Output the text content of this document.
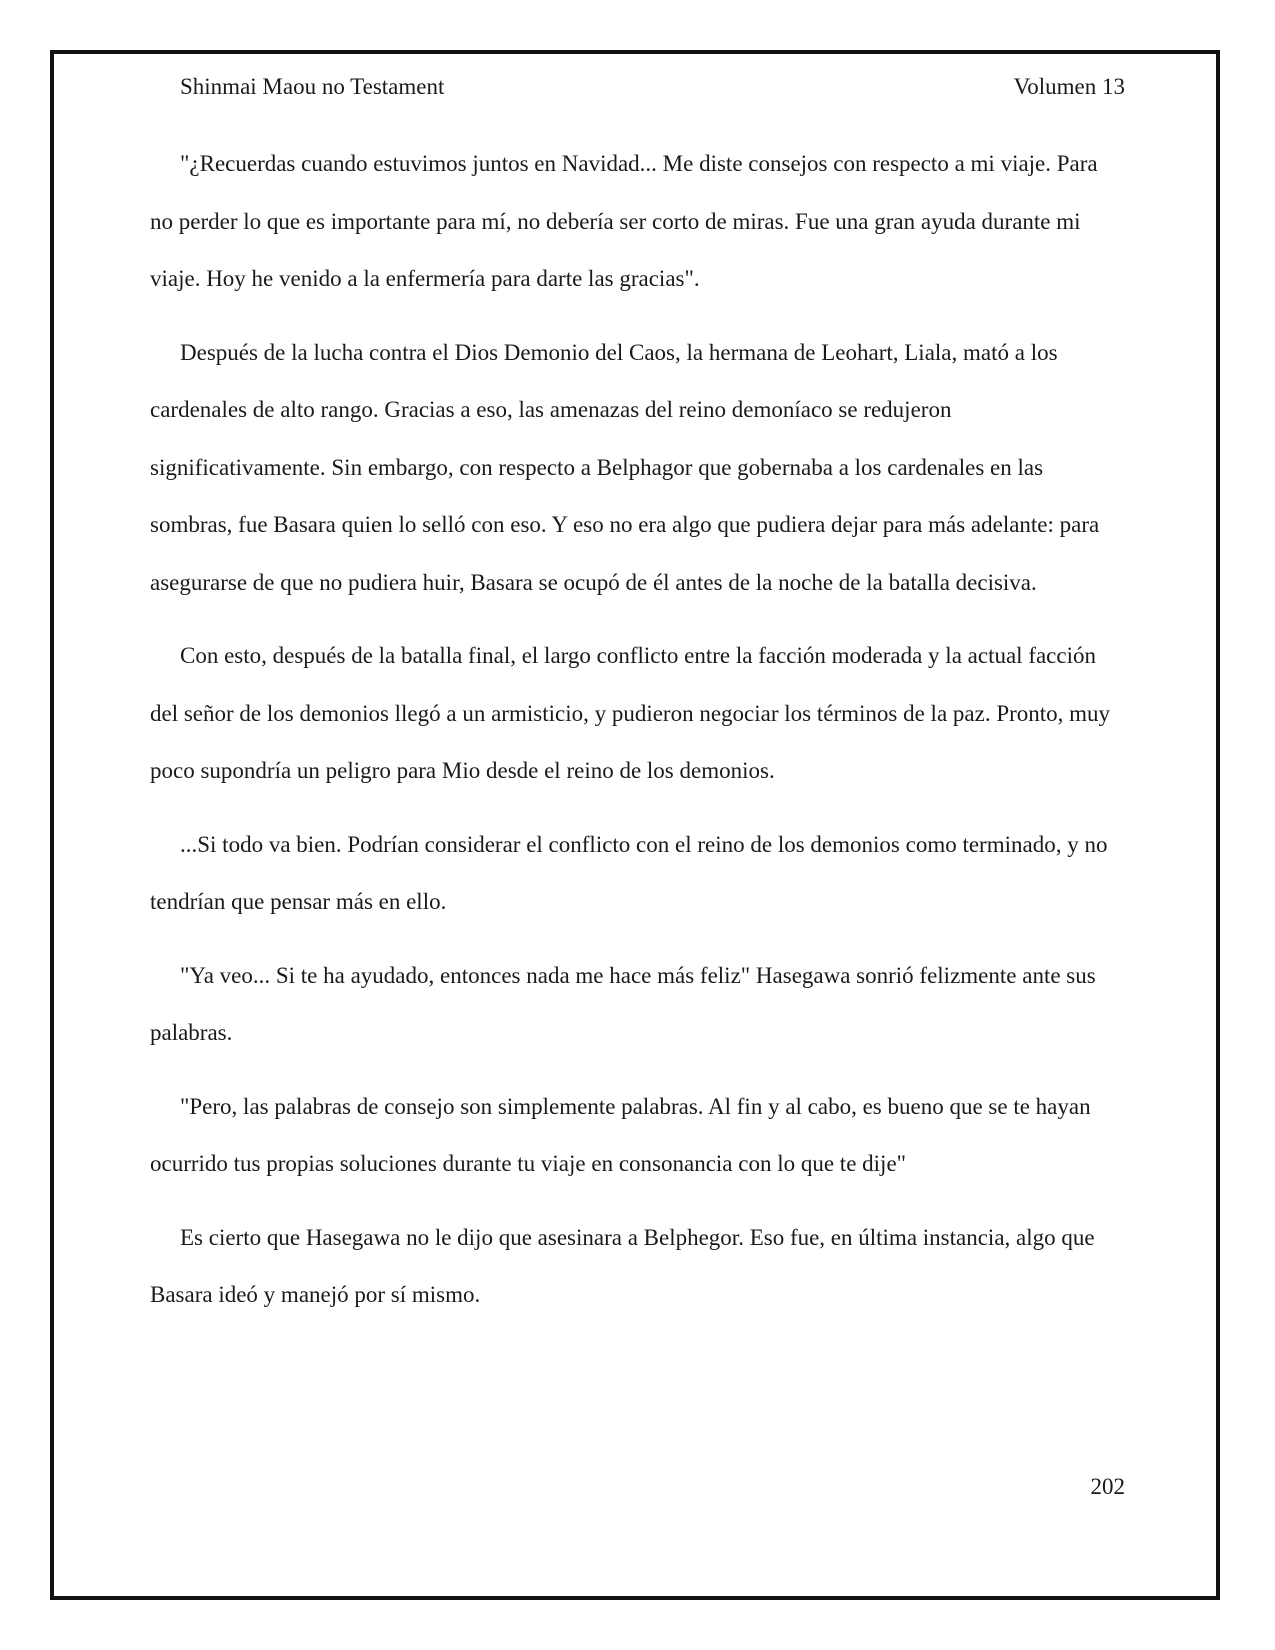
Shinmai Maou no Testament	Volumen 13

"¿Recuerdas cuando estuvimos juntos en Navidad... Me diste consejos con respecto a mi viaje. Para no perder lo que es importante para mí, no debería ser corto de miras. Fue una gran ayuda durante mi viaje. Hoy he venido a la enfermería para darte las gracias".

Después de la lucha contra el Dios Demonio del Caos, la hermana de Leohart, Liala, mató a los cardenales de alto rango. Gracias a eso, las amenazas del reino demoníaco se redujeron significativamente. Sin embargo, con respecto a Belphagor que gobernaba a los cardenales en las sombras, fue Basara quien lo selló con eso. Y eso no era algo que pudiera dejar para más adelante: para asegurarse de que no pudiera huir, Basara se ocupó de él antes de la noche de la batalla decisiva.

Con esto, después de la batalla final, el largo conflicto entre la facción moderada y la actual facción del señor de los demonios llegó a un armisticio, y pudieron negociar los términos de la paz. Pronto, muy poco supondría un peligro para Mio desde el reino de los demonios.

...Si todo va bien. Podrían considerar el conflicto con el reino de los demonios como terminado, y no tendrían que pensar más en ello.

"Ya veo... Si te ha ayudado, entonces nada me hace más feliz" Hasegawa sonrió felizmente ante sus palabras.

"Pero, las palabras de consejo son simplemente palabras. Al fin y al cabo, es bueno que se te hayan ocurrido tus propias soluciones durante tu viaje en consonancia con lo que te dije"

Es cierto que Hasegawa no le dijo que asesinara a Belphegor. Eso fue, en última instancia, algo que Basara ideó y manejó por sí mismo.

202
